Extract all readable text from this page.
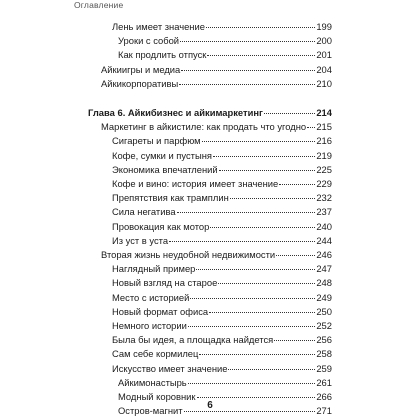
Оглавление
Лень имеет значение	199
Уроки с собой	200
Как продлить отпуск	201
Айкиигры и медиа	204
Айкикорпоративы	210
Глава 6. Айкибизнес и айкимаркетинг	214
Маркетинг в айкистиле: как продать что угодно 215
Сигареты и парфюм	216
Кофе, сумки и пустыня	219
Экономика впечатлений	225
Кофе и вино: история имеет значение	229
Препятствия как трамплин	232
Сила негатива	237
Провокация как мотор	240
Из уст в уста	244
Вторая жизнь неудобной недвижимости	246
Наглядный пример	247
Новый взгляд на старое	248
Место с историей	249
Новый формат офиса	250
Немного истории	252
Была бы идея, а площадка найдется	256
Сам себе кормилец	258
Искусство имеет значение	259
Айкимонастырь	261
Модный коровник	266
Остров-магнит	271
6
